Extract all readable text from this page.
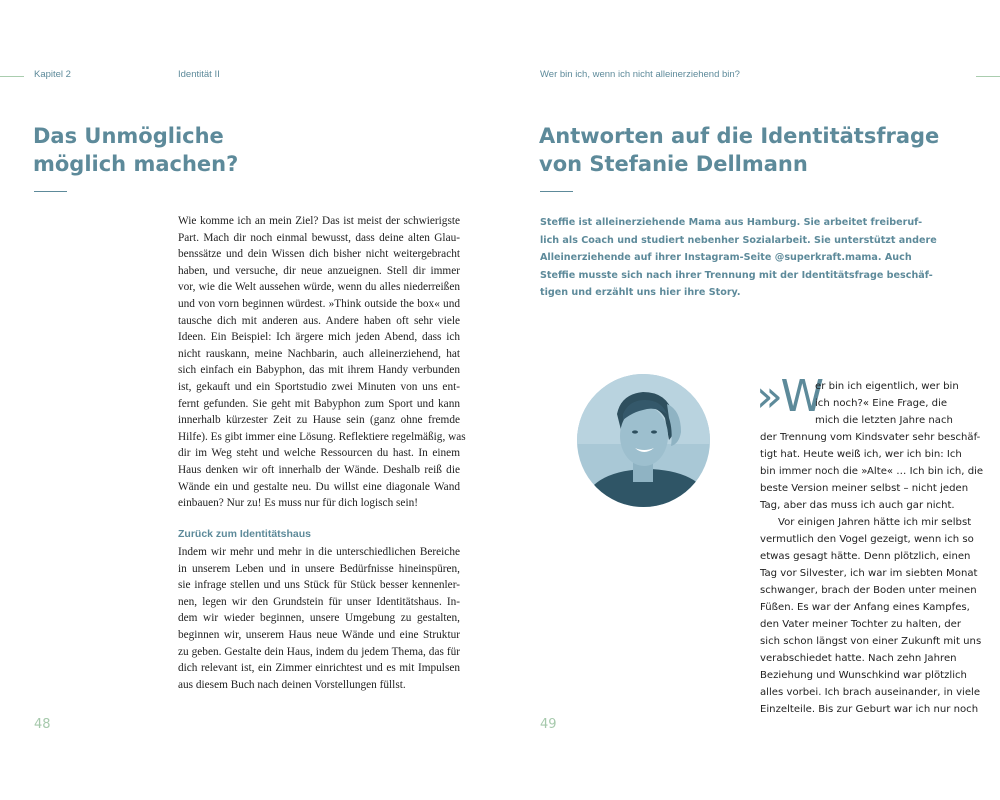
Kapitel 2	Identität II
Das Unmögliche
möglich machen?
Wie komme ich an mein Ziel? Das ist meist der schwierigste
Part. Mach dir noch einmal bewusst, dass deine alten Glau-
benssätze und dein Wissen dich bisher nicht weitergebracht
haben, und versuche, dir neue anzueignen. Stell dir immer
vor, wie die Welt aussehen würde, wenn du alles niederreißen
und von vorn beginnen würdest. »Think outside the box« und
tausche dich mit anderen aus. Andere haben oft sehr viele
Ideen. Ein Beispiel: Ich ärgere mich jeden Abend, dass ich
nicht rauskann, meine Nachbarin, auch alleinerziehend, hat
sich einfach ein Babyphon, das mit ihrem Handy verbunden
ist, gekauft und ein Sportstudio zwei Minuten von uns ent-
fernt gefunden. Sie geht mit Babyphon zum Sport und kann
innerhalb kürzester Zeit zu Hause sein (ganz ohne fremde
Hilfe). Es gibt immer eine Lösung. Reflektiere regelmäßig, was
dir im Weg steht und welche Ressourcen du hast. In einem
Haus denken wir oft innerhalb der Wände. Deshalb reiß die
Wände ein und gestalte neu. Du willst eine diagonale Wand
einbauen? Nur zu! Es muss nur für dich logisch sein!
Zurück zum Identitätshaus
Indem wir mehr und mehr in die unterschiedlichen Bereiche
in unserem Leben und in unsere Bedürfnisse hineinspüren,
sie infrage stellen und uns Stück für Stück besser kennenler-
nen, legen wir den Grundstein für unser Identitätshaus. In-
dem wir wieder beginnen, unsere Umgebung zu gestalten,
beginnen wir, unserem Haus neue Wände und eine Struktur
zu geben. Gestalte dein Haus, indem du jedem Thema, das für
dich relevant ist, ein Zimmer einrichtest und es mit Impulsen
aus diesem Buch nach deinen Vorstellungen füllst.
48
Wer bin ich, wenn ich nicht alleinerziehend bin?
Antworten auf die Identitätsfrage
von Stefanie Dellmann
Steffie ist alleinerziehende Mama aus Hamburg. Sie arbeitet freiberuf-
lich als Coach und studiert nebenher Sozialarbeit. Sie unterstützt andere
Alleinerziehende auf ihrer Instagram-Seite @superkraft.mama. Auch
Steffie musste sich nach ihrer Trennung mit der Identitätsfrage beschäf-
tigen und erzählt uns hier ihre Story.
»W
er bin ich eigentlich, wer bin
ich noch?« Eine Frage, die
mich die letzten Jahre nach
der Trennung vom Kindsvater sehr beschäf-
tigt hat. Heute weiß ich, wer ich bin: Ich
bin immer noch die »Alte« … Ich bin ich, die
beste Version meiner selbst – nicht jeden
Tag, aber das muss ich auch gar nicht.
Vor einigen Jahren hätte ich mir selbst
vermutlich den Vogel gezeigt, wenn ich so
etwas gesagt hätte. Denn plötzlich, einen
Tag vor Silvester, ich war im siebten Monat
schwanger, brach der Boden unter meinen
Füßen. Es war der Anfang eines Kampfes,
den Vater meiner Tochter zu halten, der
sich schon längst von einer Zukunft mit uns
verabschiedet hatte. Nach zehn Jahren
Beziehung und Wunschkind war plötzlich
alles vorbei. Ich brach auseinander, in viele
Einzelteile. Bis zur Geburt war ich nur noch
49
